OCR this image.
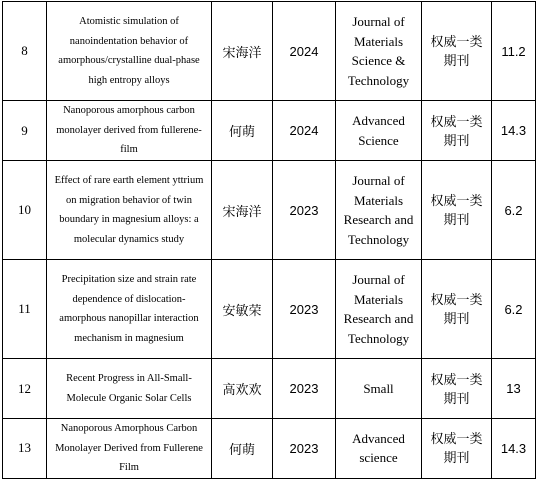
8	Atomistic simulation of nanoindentation behavior of amorphous/crystalline dual-phase high entropy alloys	宋海洋	2024	Journal of Materials Science & Technology	权威一类期刊	11.2
9	Nanoporous amorphous carbon monolayer derived from fullerene-film	何萌	2024	Advanced Science	权威一类期刊	14.3
10	Effect of rare earth element yttrium on migration behavior of twin boundary in magnesium alloys: a molecular dynamics study	宋海洋	2023	Journal of Materials Research and Technology	权威一类期刊	6.2
11	Precipitation size and strain rate dependence of dislocation-amorphous nanopillar interaction mechanism in magnesium	安敏荣	2023	Journal of Materials Research and Technology	权威一类期刊	6.2
12	Recent Progress in All-Small-Molecule Organic Solar Cells	高欢欢	2023	Small	权威一类期刊	13
13	Nanoporous Amorphous Carbon Monolayer Derived from Fullerene Film	何萌	2023	Advanced science	权威一类期刊	14.3
